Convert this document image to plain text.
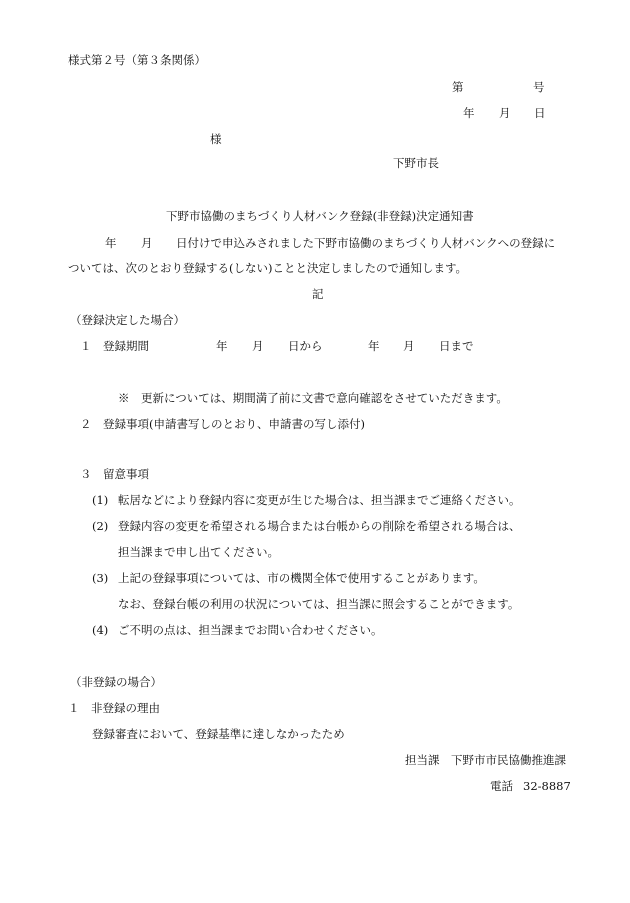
様式第２号（第３条関係）
第	号
年 月 日
様
下野市長
下野市協働のまちづくり人材バンク登録(非登録)決定通知書
年 月 日付けで申込みされました下野市協働のまちづくり人材バンクへの登録に
ついては、次のとおり登録する(しない)ことと決定しましたので通知します。
記
（登録決定した場合）
１　登録期間	年 月 日から	年 月 日まで
※　更新については、期間満了前に文書で意向確認をさせていただきます。
２　登録事項(申請書写しのとおり、申請書の写し添付)
３　留意事項
(1) 転居などにより登録内容に変更が生じた場合は、担当課までご連絡ください。
(2) 登録内容の変更を希望される場合または台帳からの削除を希望される場合は、
担当課まで申し出てください。
(3) 上記の登録事項については、市の機関全体で使用することがあります。
なお、登録台帳の利用の状況については、担当課に照会することができます。
(4) ご不明の点は、担当課までお問い合わせください。
（非登録の場合）
１　非登録の理由
登録審査において、登録基準に達しなかったため
担当課 下野市市民協働推進課
電話 32-8887
